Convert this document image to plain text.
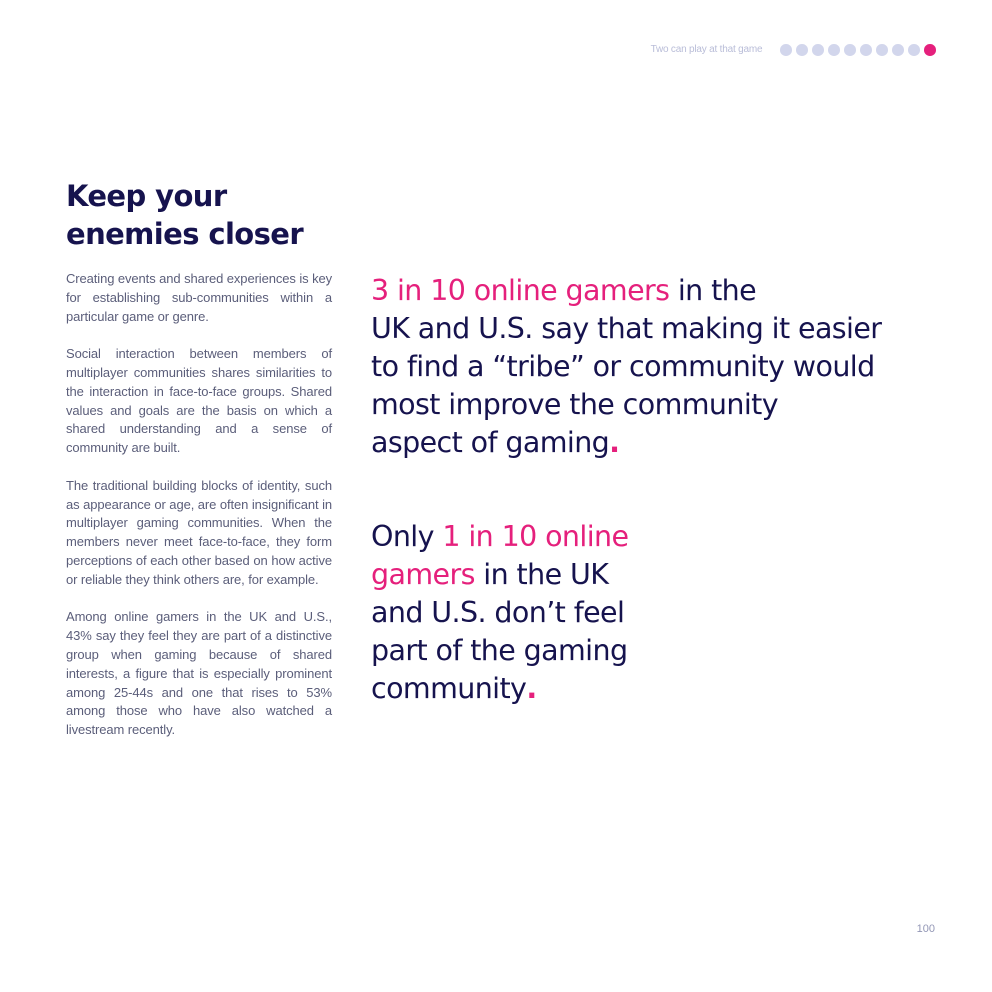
Two can play at that game
Keep your
enemies closer

Creating events and shared experiences is key for establishing sub-communities within a particular game or genre.

Social interaction between members of multiplayer communities shares similarities to the interaction in face-to-face groups. Shared values and goals are the basis on which a shared understanding and a sense of community are built.

The traditional building blocks of identity, such as appearance or age, are often insignificant in multiplayer gaming communities. When the members never meet face-to-face, they form perceptions of each other based on how active or reliable they think others are, for example.

Among online gamers in the UK and U.S., 43% say they feel they are part of a distinctive group when gaming because of shared interests, a figure that is especially prominent among 25-44s and one that rises to 53% among those who have also watched a livestream recently.

3 in 10 online gamers in the
UK and U.S. say that making it easier
to find a “tribe” or community would
most improve the community
aspect of gaming.

Only 1 in 10 online
gamers in the UK
and U.S. don’t feel
part of the gaming
community.

100
